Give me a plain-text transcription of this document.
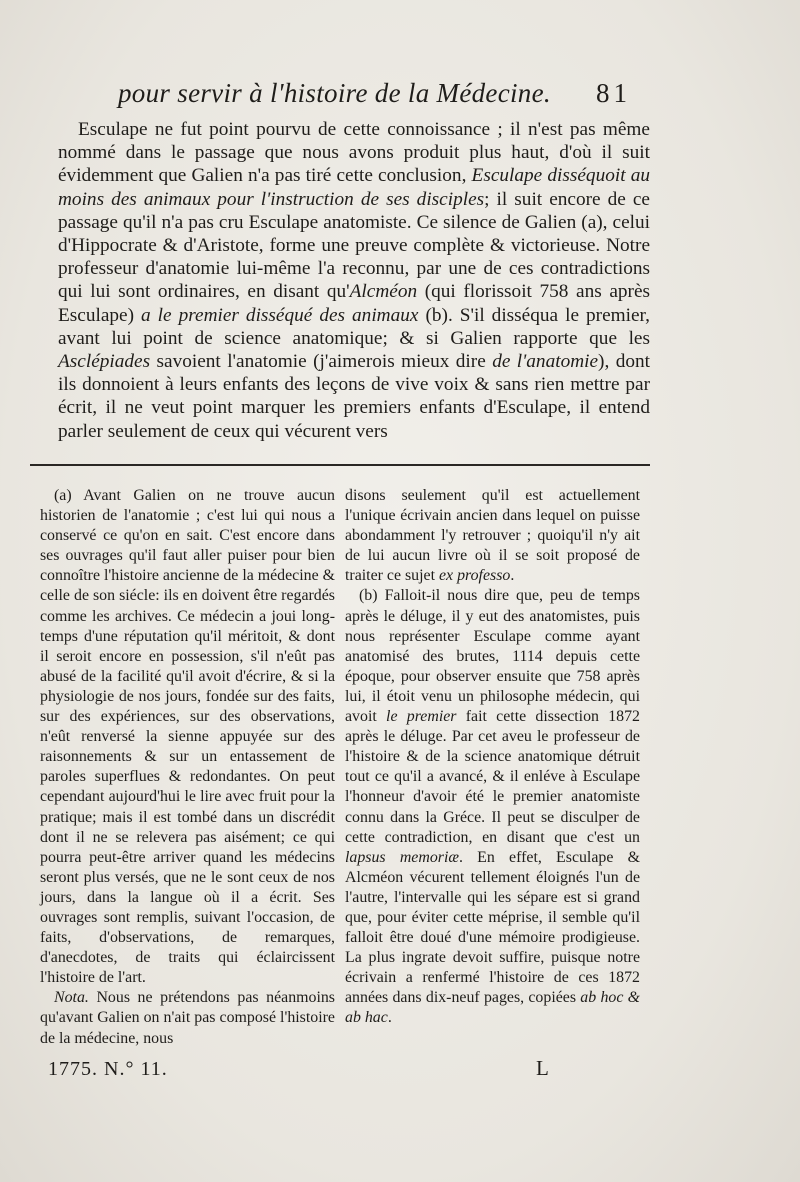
pour servir à l'histoire de la Médecine. 81

Esculape ne fut point pourvu de cette connoissance ; il n'est pas même nommé dans le passage que nous avons produit plus haut, d'où il suit évidemment que Galien n'a pas tiré cette conclusion, Esculape disséquoit au moins des animaux pour l'instruction de ses disciples; il suit encore de ce passage qu'il n'a pas cru Esculape anatomiste. Ce silence de Galien (a), celui d'Hippocrate & d'Aristote, forme une preuve complète & victorieuse. Notre professeur d'anatomie lui-même l'a reconnu, par une de ces contradictions qui lui sont ordinaires, en disant qu'Alcméon (qui florissoit 758 ans après Esculape) a le premier disséqué des animaux (b). S'il disséqua le premier, avant lui point de science anatomique; & si Galien rapporte que les Asclépiades savoient l'anatomie (j'aimerois mieux dire de l'anatomie), dont ils donnoient à leurs enfants des leçons de vive voix & sans rien mettre par écrit, il ne veut point marquer les premiers enfants d'Esculape, il entend parler seulement de ceux qui vécurent vers

(a) Avant Galien on ne trouve aucun historien de l'anatomie ; c'est lui qui nous a conservé ce qu'on en sait. C'est encore dans ses ouvrages qu'il faut aller puiser pour bien connoître l'histoire ancienne de la médecine & celle de son siécle: ils en doivent être regardés comme les archives. Ce médecin a joui long-temps d'une réputation qu'il méritoit, & dont il seroit encore en possession, s'il n'eût pas abusé de la facilité qu'il avoit d'écrire, & si la physiologie de nos jours, fondée sur des faits, sur des expériences, sur des observations, n'eût renversé la sienne appuyée sur des raisonnements & sur un entassement de paroles superflues & redondantes. On peut cependant aujourd'hui le lire avec fruit pour la pratique; mais il est tombé dans un discrédit dont il ne se relevera pas aisément; ce qui pourra peut-être arriver quand les médecins seront plus versés, que ne le sont ceux de nos jours, dans la langue où il a écrit. Ses ouvrages sont remplis, suivant l'occasion, de faits, d'observations, de remarques, d'anecdotes, de traits qui éclaircissent l'histoire de l'art.

Nota. Nous ne prétendons pas néanmoins qu'avant Galien on n'ait pas composé l'histoire de la médecine, nous

disons seulement qu'il est actuellement l'unique écrivain ancien dans lequel on puisse abondamment l'y retrouver ; quoiqu'il n'y ait de lui aucun livre où il se soit proposé de traiter ce sujet ex professo.

(b) Falloit-il nous dire que, peu de temps après le déluge, il y eut des anatomistes, puis nous représenter Esculape comme ayant anatomisé des brutes, 1114 depuis cette époque, pour observer ensuite que 758 après lui, il étoit venu un philosophe médecin, qui avoit le premier fait cette dissection 1872 après le déluge. Par cet aveu le professeur de l'histoire & de la science anatomique détruit tout ce qu'il a avancé, & il enléve à Esculape l'honneur d'avoir été le premier anatomiste connu dans la Gréce. Il peut se disculper de cette contradiction, en disant que c'est un lapsus memoriæ. En effet, Esculape & Alcméon vécurent tellement éloignés l'un de l'autre, l'intervalle qui les sépare est si grand que, pour éviter cette méprise, il semble qu'il falloit être doué d'une mémoire prodigieuse. La plus ingrate devoit suffire, puisque notre écrivain a renfermé l'histoire de ces 1872 années dans dix-neuf pages, copiées ab hoc & ab hac.

1775. N.° 11.	L
